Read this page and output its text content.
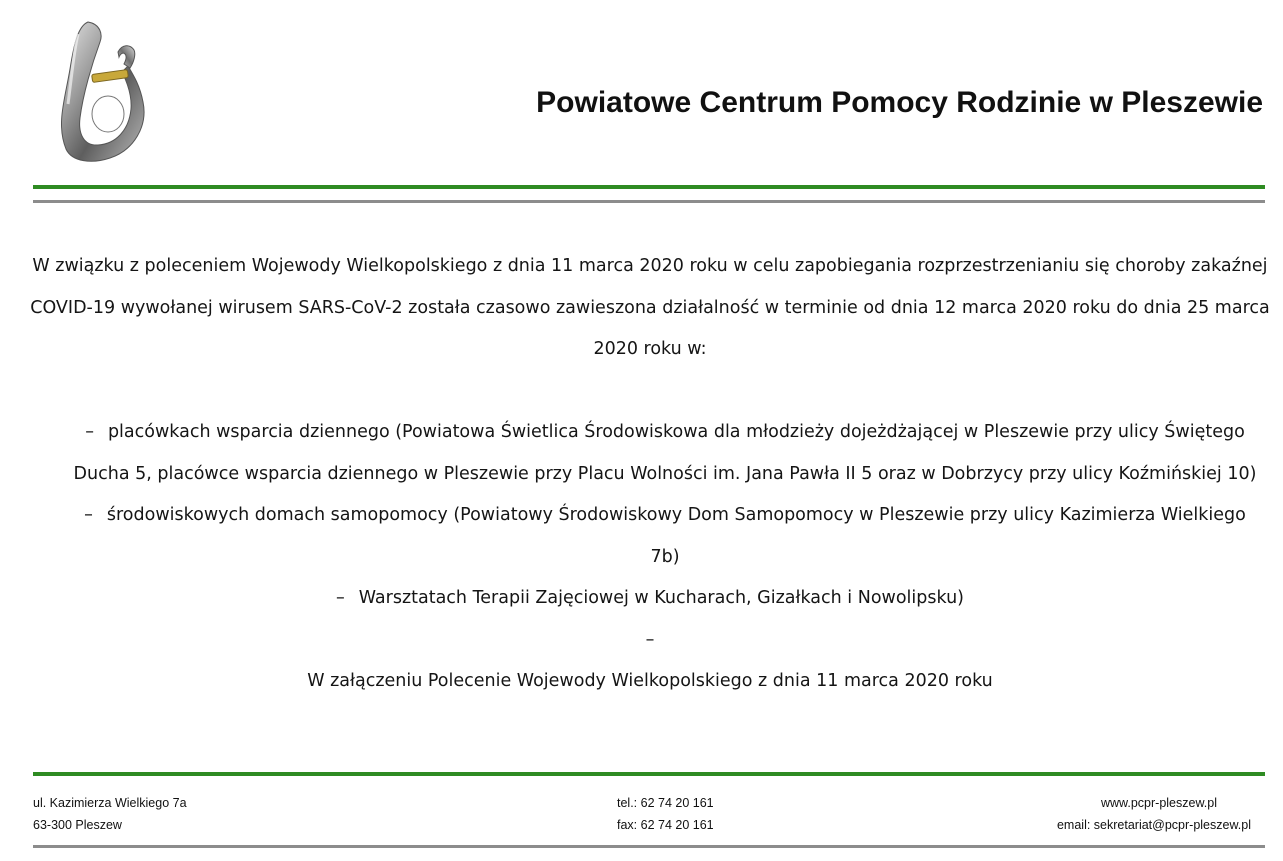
Powiatowe Centrum Pomocy Rodzinie w Pleszewie

W związku z poleceniem Wojewody Wielkopolskiego z dnia 11 marca 2020 roku w celu zapobiegania rozprzestrzenianiu się choroby zakaźnej COVID-19 wywołanej wirusem SARS-CoV-2 została czasowo zawieszona działalność w terminie od dnia 12 marca 2020 roku do dnia 25 marca 2020 roku w:

– placówkach wsparcia dziennego (Powiatowa Świetlica Środowiskowa dla młodzieży dojeżdżającej w Pleszewie przy ulicy Świętego Ducha 5, placówce wsparcia dziennego w Pleszewie przy Placu Wolności im. Jana Pawła II 5 oraz w Dobrzycy przy ulicy Koźmińskiej 10)

– środowiskowych domach samopomocy (Powiatowy Środowiskowy Dom Samopomocy w Pleszewie przy ulicy Kazimierza Wielkiego 7b)

– Warsztatach Terapii Zajęciowej w Kucharach, Gizałkach i Nowolipsku)

–

W załączeniu Polecenie Wojewody Wielkopolskiego z dnia 11 marca 2020 roku

ul. Kazimierza Wielkiego 7a
63-300 Pleszew
tel.: 62 74 20 161
fax: 62 74 20 161
www.pcpr-pleszew.pl
email: sekretariat@pcpr-pleszew.pl
